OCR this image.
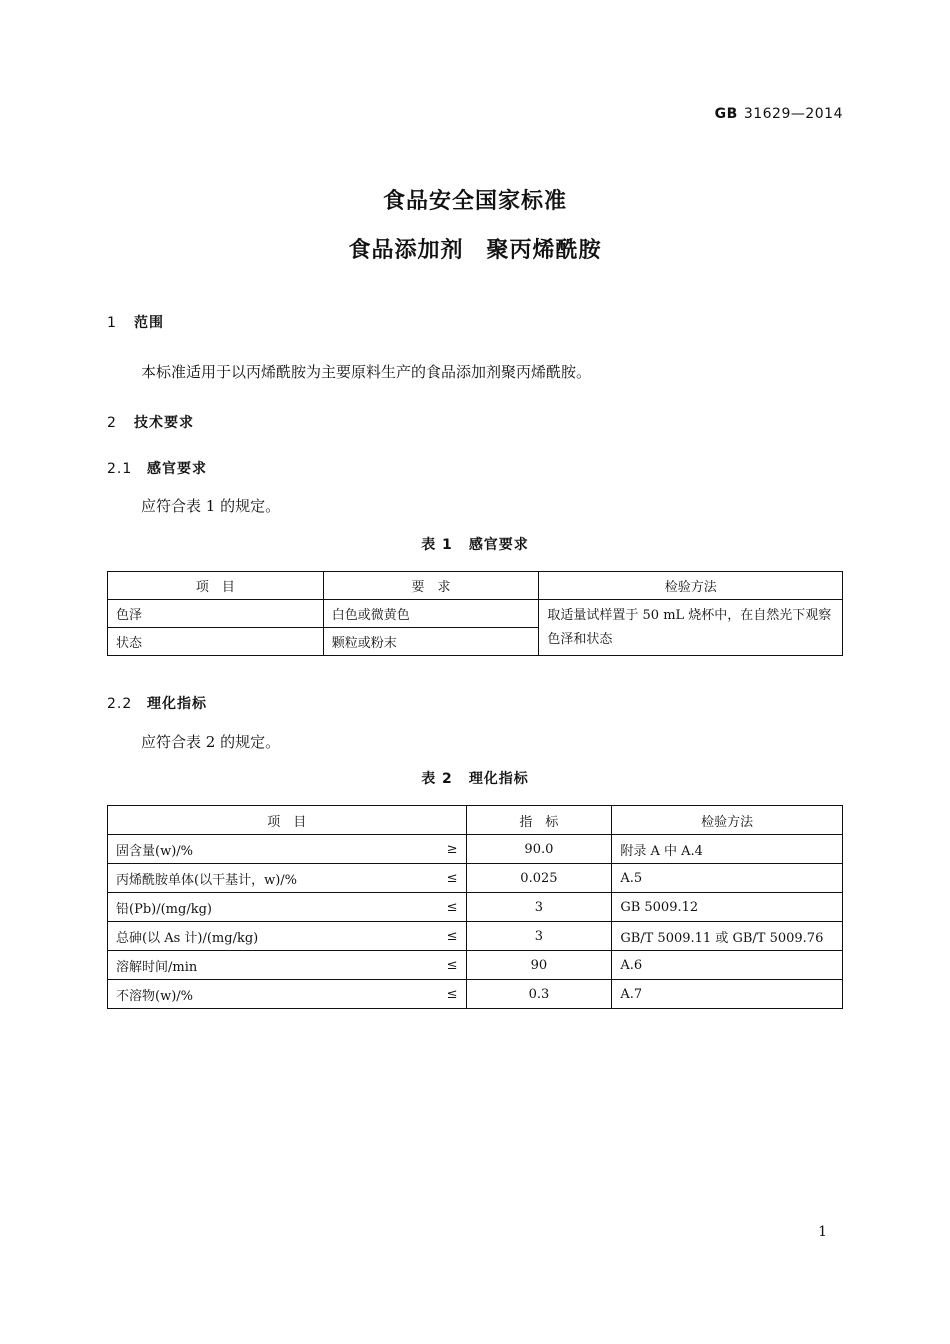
GB 31629—2014
食品安全国家标准
食品添加剂　聚丙烯酰胺
1 范围
本标准适用于以丙烯酰胺为主要原料生产的食品添加剂聚丙烯酰胺。
2 技术要求
2.1 感官要求
应符合表 1 的规定。
表 1 感官要求
项　目	要　求	检验方法
色泽	白色或微黄色	取适量试样置于 50 mL 烧杯中，在自然光下观察色泽和状态
状态	颗粒或粉末	
2.2 理化指标
应符合表 2 的规定。
表 2 理化指标
项　目	指　标	检验方法

固含量(w)/% ≥	90.0	附录 A 中 A.4

丙烯酰胺单体(以干基计，w)/% ≤	0.025	A.5

铅(Pb)/(mg/kg) ≤	3	GB 5009.12

总砷(以 As 计)/(mg/kg) ≤	3	GB/T 5009.11 或 GB/T 5009.76

溶解时间/min ≤	90	A.6

不溶物(w)/% ≤	0.3	A.7
1
